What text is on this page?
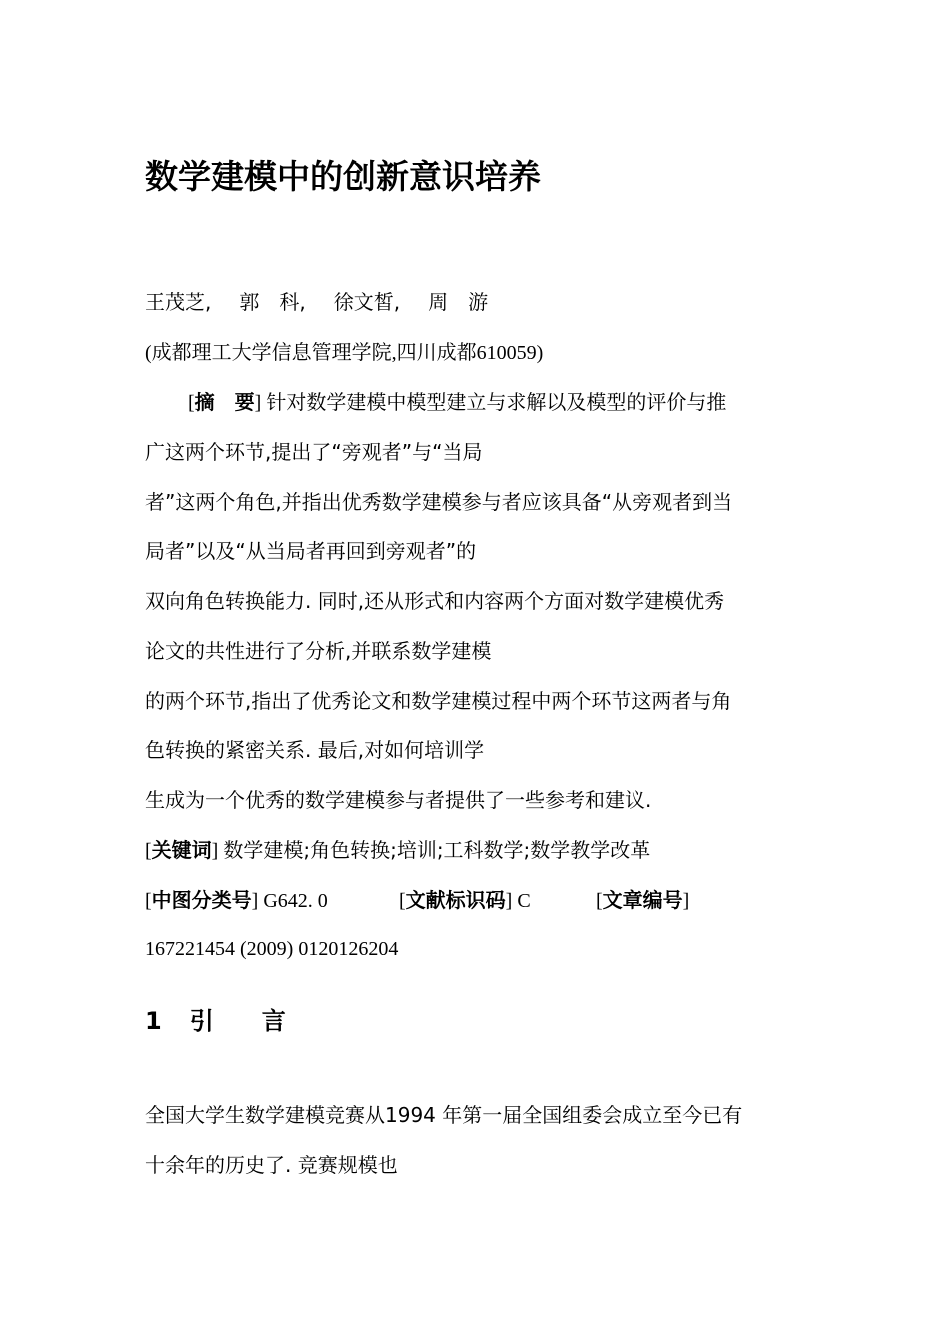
数学建模中的创新意识培养
王茂芝, 郭　科, 徐文皙, 周　游
(成都理工大学信息管理学院,四川成都610059)
[摘　要] 针对数学建模中模型建立与求解以及模型的评价与推
广这两个环节,提出了“旁观者”与“当局
者”这两个角色,并指出优秀数学建模参与者应该具备“从旁观者到当
局者”以及“从当局者再回到旁观者”的
双向角色转换能力. 同时,还从形式和内容两个方面对数学建模优秀
论文的共性进行了分析,并联系数学建模
的两个环节,指出了优秀论文和数学建模过程中两个环节这两者与角
色转换的紧密关系. 最后,对如何培训学
生成为一个优秀的数学建模参与者提供了一些参考和建议.
[关键词] 数学建模;角色转换;培训;工科数学;数学教学改革
[中图分类号] G642. 0	[文献标识码] C	[文章编号]
167221454 (2009) 0120126204
1 引　　言
全国大学生数学建模竞赛从1994 年第一届全国组委会成立至今已有
十余年的历史了. 竞赛规模也
